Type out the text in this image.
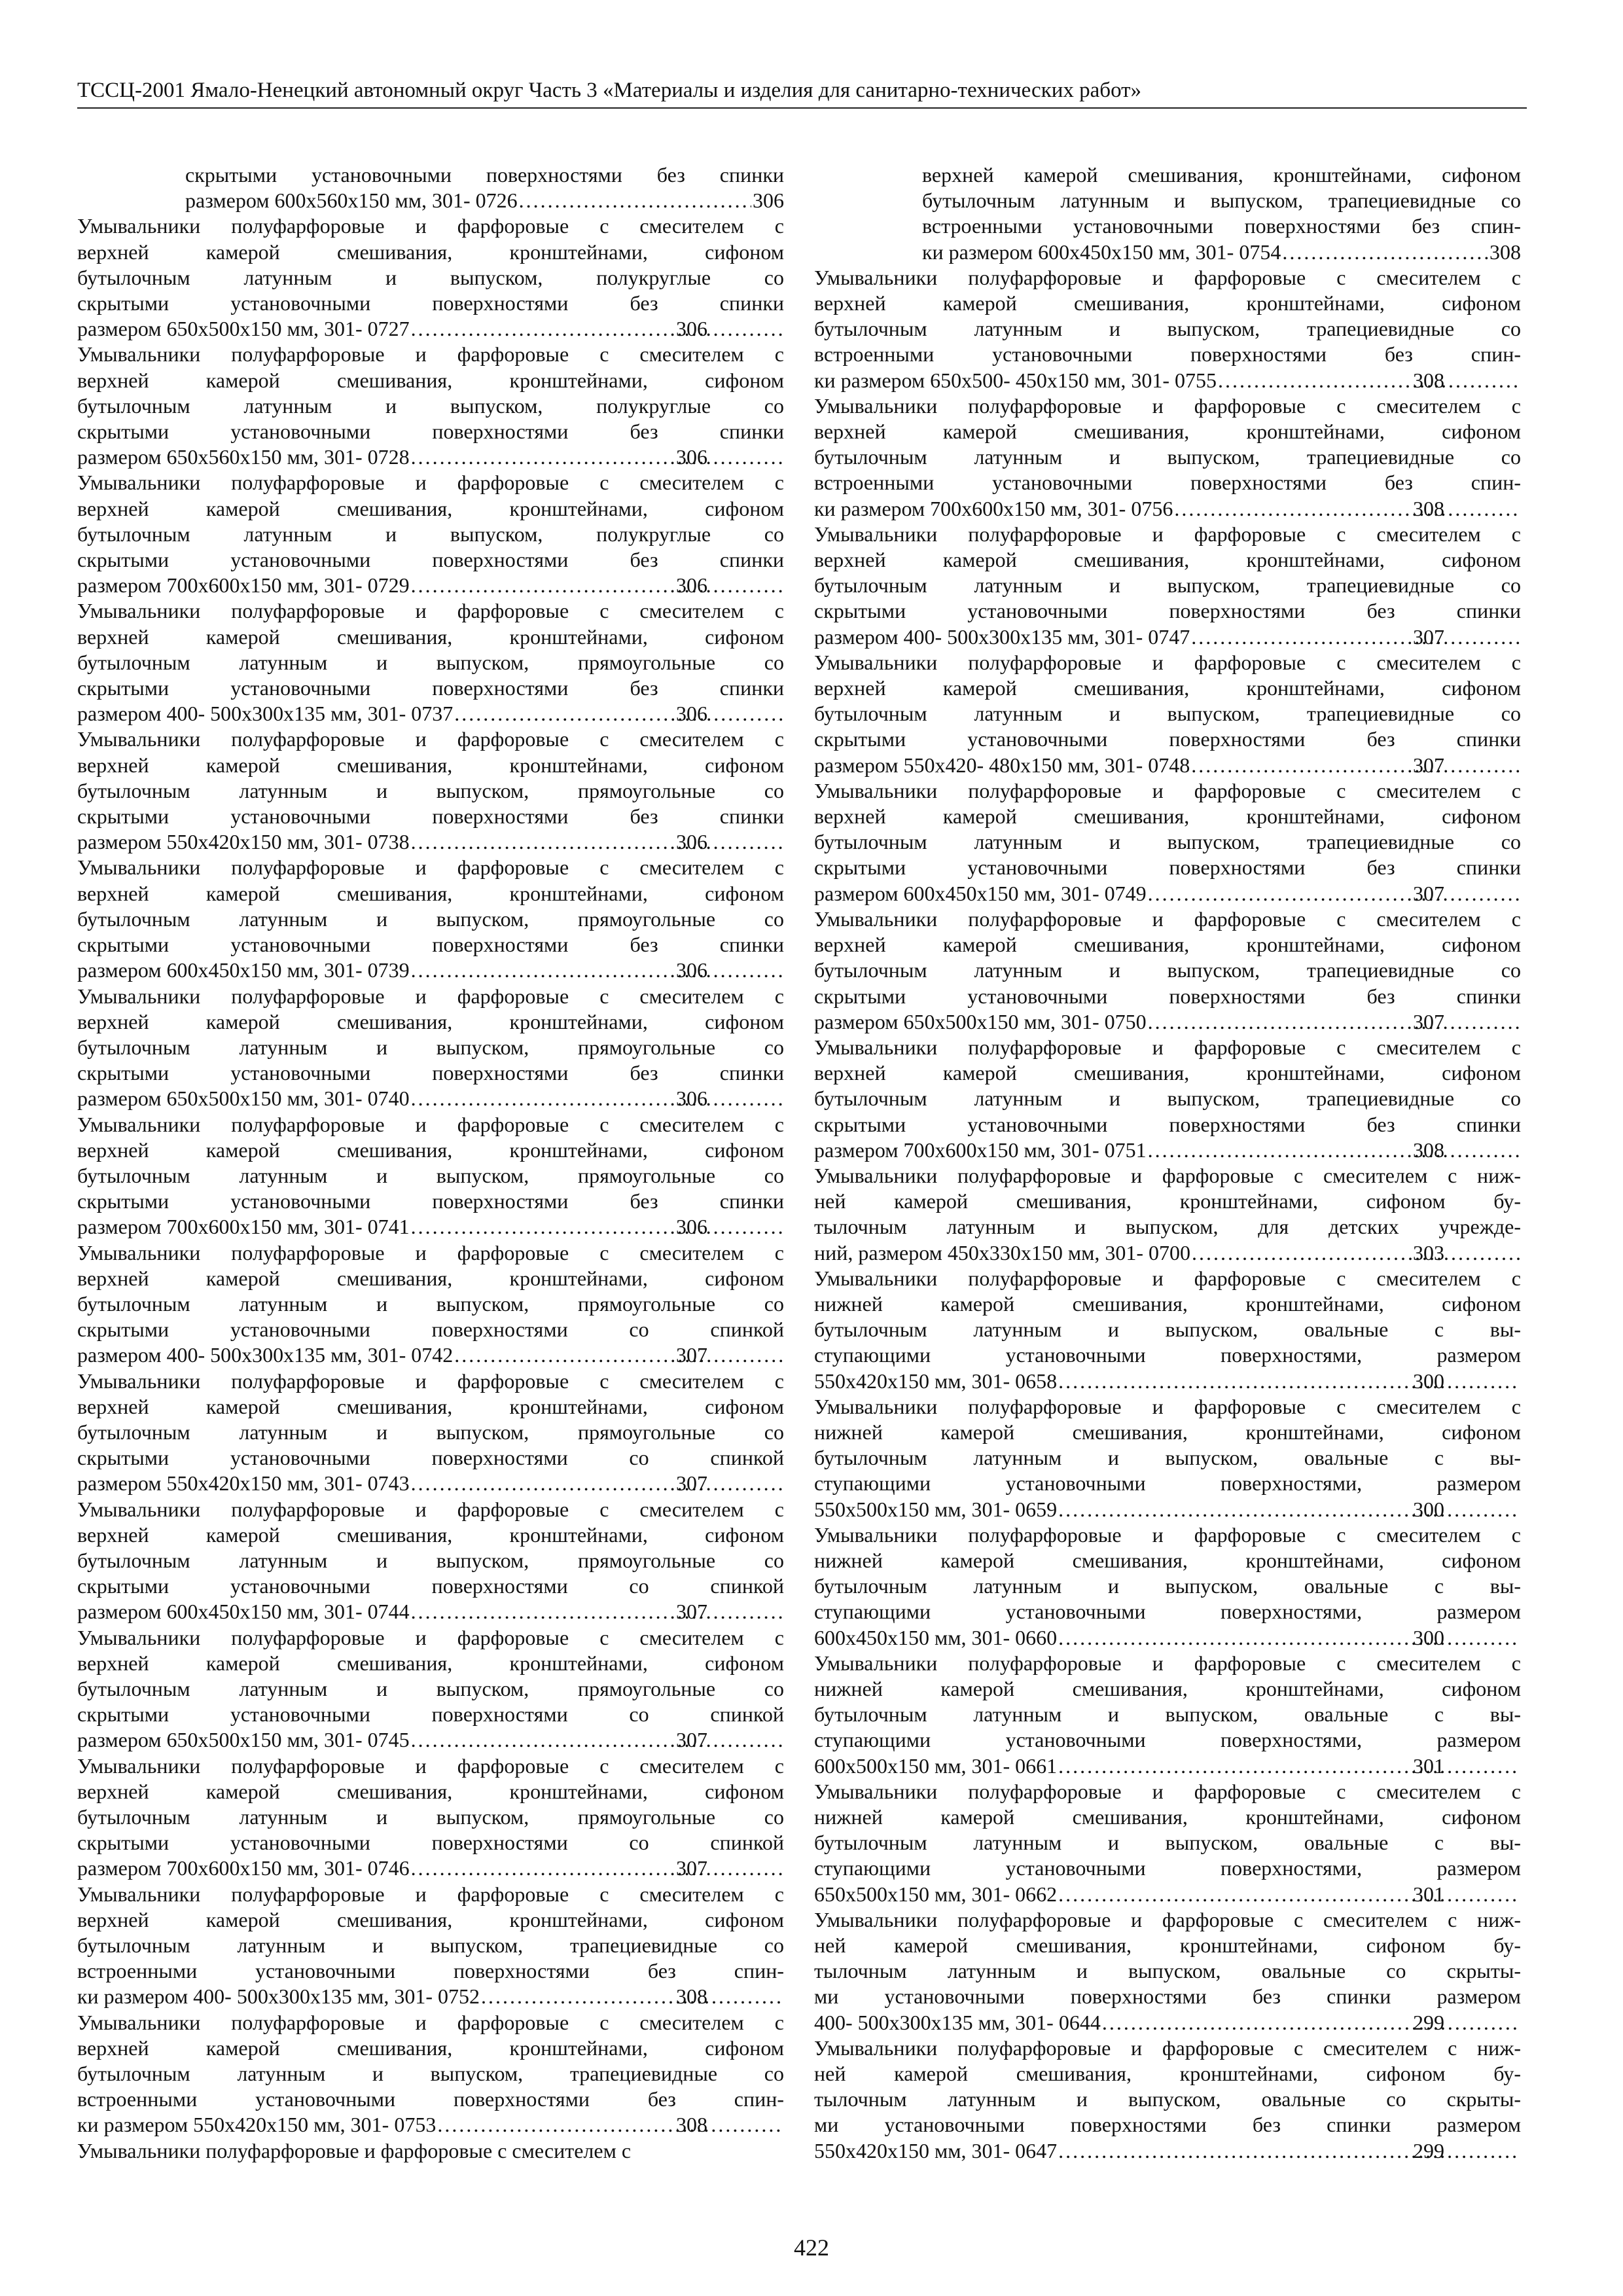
ТССЦ-2001 Ямало-Ненецкий автономный округ Часть 3 «Материалы и изделия для санитарно-технических работ»
скрытыми установочными поверхностями без спинки
размером 600х560х150 мм, 301- 0726 .....	306
Умывальники полуфарфоровые и фарфоровые с смесителем с
верхней камерой смешивания, кронштейнами, сифоном
бутылочным латунным и выпуском, полукруглые со
скрытыми установочными поверхностями без спинки
размером 650х500х150 мм, 301- 0727 .....	306
Умывальники полуфарфоровые и фарфоровые с смесителем с
верхней камерой смешивания, кронштейнами, сифоном
бутылочным латунным и выпуском, полукруглые со
скрытыми установочными поверхностями без спинки
размером 650х560х150 мм, 301- 0728 .....	306
Умывальники полуфарфоровые и фарфоровые с смесителем с
верхней камерой смешивания, кронштейнами, сифоном
бутылочным латунным и выпуском, полукруглые со
скрытыми установочными поверхностями без спинки
размером 700х600х150 мм, 301- 0729 .....	306
Умывальники полуфарфоровые и фарфоровые с смесителем с
верхней камерой смешивания, кронштейнами, сифоном
бутылочным латунным и выпуском, прямоугольные со
скрытыми установочными поверхностями без спинки
размером 400- 500х300х135 мм, 301- 0737 .....	306
Умывальники полуфарфоровые и фарфоровые с смесителем с
верхней камерой смешивания, кронштейнами, сифоном
бутылочным латунным и выпуском, прямоугольные со
скрытыми установочными поверхностями без спинки
размером 550х420х150 мм, 301- 0738 .....	306
Умывальники полуфарфоровые и фарфоровые с смесителем с
верхней камерой смешивания, кронштейнами, сифоном
бутылочным латунным и выпуском, прямоугольные со
скрытыми установочными поверхностями без спинки
размером 600х450х150 мм, 301- 0739 .....	306
Умывальники полуфарфоровые и фарфоровые с смесителем с
верхней камерой смешивания, кронштейнами, сифоном
бутылочным латунным и выпуском, прямоугольные со
скрытыми установочными поверхностями без спинки
размером 650х500х150 мм, 301- 0740 .....	306
Умывальники полуфарфоровые и фарфоровые с смесителем с
верхней камерой смешивания, кронштейнами, сифоном
бутылочным латунным и выпуском, прямоугольные со
скрытыми установочными поверхностями без спинки
размером 700х600х150 мм, 301- 0741 .....	306
Умывальники полуфарфоровые и фарфоровые с смесителем с
верхней камерой смешивания, кронштейнами, сифоном
бутылочным латунным и выпуском, прямоугольные со
скрытыми установочными поверхностями со спинкой
размером 400- 500х300х135 мм, 301- 0742 .....	307
Умывальники полуфарфоровые и фарфоровые с смесителем с
верхней камерой смешивания, кронштейнами, сифоном
бутылочным латунным и выпуском, прямоугольные со
скрытыми установочными поверхностями со спинкой
размером 550х420х150 мм, 301- 0743 .....	307
Умывальники полуфарфоровые и фарфоровые с смесителем с
верхней камерой смешивания, кронштейнами, сифоном
бутылочным латунным и выпуском, прямоугольные со
скрытыми установочными поверхностями со спинкой
размером 600х450х150 мм, 301- 0744 .....	307
Умывальники полуфарфоровые и фарфоровые с смесителем с
верхней камерой смешивания, кронштейнами, сифоном
бутылочным латунным и выпуском, прямоугольные со
скрытыми установочными поверхностями со спинкой
размером 650х500х150 мм, 301- 0745 .....	307
Умывальники полуфарфоровые и фарфоровые с смесителем с
верхней камерой смешивания, кронштейнами, сифоном
бутылочным латунным и выпуском, прямоугольные со
скрытыми установочными поверхностями со спинкой
размером 700х600х150 мм, 301- 0746 .....	307
Умывальники полуфарфоровые и фарфоровые с смесителем с
верхней камерой смешивания, кронштейнами, сифоном
бутылочным латунным и выпуском, трапециевидные со
встроенными установочными поверхностями без спин-
ки размером 400- 500х300х135 мм, 301- 0752 .....	308
Умывальники полуфарфоровые и фарфоровые с смесителем с
верхней камерой смешивания, кронштейнами, сифоном
бутылочным латунным и выпуском, трапециевидные со
встроенными установочными поверхностями без спин-
ки размером 550х420х150 мм, 301- 0753 .....	308
Умывальники полуфарфоровые и фарфоровые с смесителем с
верхней камерой смешивания, кронштейнами, сифоном
бутылочным латунным и выпуском, трапециевидные со
встроенными установочными поверхностями без спин-
ки размером 600х450х150 мм, 301- 0754 .....	308
Умывальники полуфарфоровые и фарфоровые с смесителем с
верхней камерой смешивания, кронштейнами, сифоном
бутылочным латунным и выпуском, трапециевидные со
встроенными установочными поверхностями без спин-
ки размером 650х500- 450х150 мм, 301- 0755 .....	308
Умывальники полуфарфоровые и фарфоровые с смесителем с
верхней камерой смешивания, кронштейнами, сифоном
бутылочным латунным и выпуском, трапециевидные со
встроенными установочными поверхностями без спин-
ки размером 700х600х150 мм, 301- 0756 .....	308
Умывальники полуфарфоровые и фарфоровые с смесителем с
верхней камерой смешивания, кронштейнами, сифоном
бутылочным латунным и выпуском, трапециевидные со
скрытыми установочными поверхностями без спинки
размером 400- 500х300х135 мм, 301- 0747 .....	307
Умывальники полуфарфоровые и фарфоровые с смесителем с
верхней камерой смешивания, кронштейнами, сифоном
бутылочным латунным и выпуском, трапециевидные со
скрытыми установочными поверхностями без спинки
размером 550х420- 480х150 мм, 301- 0748 .....	307
Умывальники полуфарфоровые и фарфоровые с смесителем с
верхней камерой смешивания, кронштейнами, сифоном
бутылочным латунным и выпуском, трапециевидные со
скрытыми установочными поверхностями без спинки
размером 600х450х150 мм, 301- 0749 .....	307
Умывальники полуфарфоровые и фарфоровые с смесителем с
верхней камерой смешивания, кронштейнами, сифоном
бутылочным латунным и выпуском, трапециевидные со
скрытыми установочными поверхностями без спинки
размером 650х500х150 мм, 301- 0750 .....	307
Умывальники полуфарфоровые и фарфоровые с смесителем с
верхней камерой смешивания, кронштейнами, сифоном
бутылочным латунным и выпуском, трапециевидные со
скрытыми установочными поверхностями без спинки
размером 700х600х150 мм, 301- 0751 .....	308
Умывальники полуфарфоровые и фарфоровые с смесителем с ниж-
ней камерой смешивания, кронштейнами, сифоном бу-
тылочным латунным и выпуском, для детских учрежде-
ний, размером 450х330х150 мм, 301- 0700 .....	303
Умывальники полуфарфоровые и фарфоровые с смесителем с
нижней камерой смешивания, кронштейнами, сифоном
бутылочным латунным и выпуском, овальные с вы-
ступающими установочными поверхностями, размером
550х420х150 мм, 301- 0658 .....	300
Умывальники полуфарфоровые и фарфоровые с смесителем с
нижней камерой смешивания, кронштейнами, сифоном
бутылочным латунным и выпуском, овальные с вы-
ступающими установочными поверхностями, размером
550х500х150 мм, 301- 0659 .....	300
Умывальники полуфарфоровые и фарфоровые с смесителем с
нижней камерой смешивания, кронштейнами, сифоном
бутылочным латунным и выпуском, овальные с вы-
ступающими установочными поверхностями, размером
600х450х150 мм, 301- 0660 .....	300
Умывальники полуфарфоровые и фарфоровые с смесителем с
нижней камерой смешивания, кронштейнами, сифоном
бутылочным латунным и выпуском, овальные с вы-
ступающими установочными поверхностями, размером
600х500х150 мм, 301- 0661 .....	301
Умывальники полуфарфоровые и фарфоровые с смесителем с
нижней камерой смешивания, кронштейнами, сифоном
бутылочным латунным и выпуском, овальные с вы-
ступающими установочными поверхностями, размером
650х500х150 мм, 301- 0662 .....	301
Умывальники полуфарфоровые и фарфоровые с смесителем с ниж-
ней камерой смешивания, кронштейнами, сифоном бу-
тылочным латунным и выпуском, овальные со скрыты-
ми установочными поверхностями без спинки размером
400- 500х300х135 мм, 301- 0644 .....	299
Умывальники полуфарфоровые и фарфоровые с смесителем с ниж-
ней камерой смешивания, кронштейнами, сифоном бу-
тылочным латунным и выпуском, овальные со скрыты-
ми установочными поверхностями без спинки размером
550х420х150 мм, 301- 0647 .....	299
422
